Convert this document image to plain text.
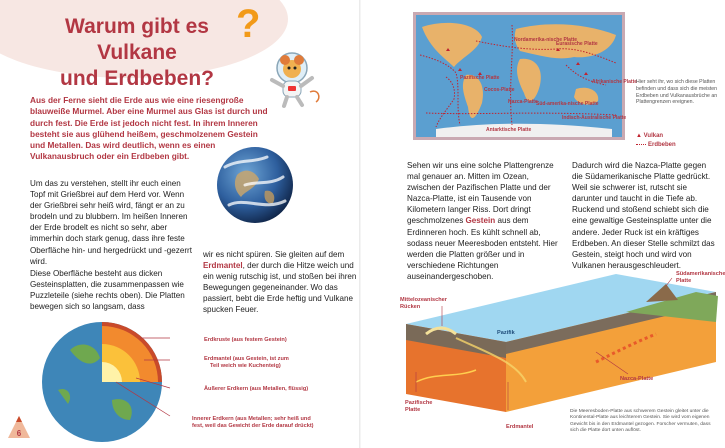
Warum gibt es Vulkane
und Erdbeben?
?

Aus der Ferne sieht die Erde aus wie eine riesengroße blauweiße Murmel. Aber eine Murmel aus Glas ist durch und durch fest. Die Erde ist jedoch nicht fest. In ihrem Inneren besteht sie aus glühend heißem, geschmolzenem Gestein und Metallen. Das wird deutlich, wenn es einen Vulkanausbruch oder ein Erdbeben gibt.

Um das zu verstehen, stellt ihr euch einen Topf mit Grießbrei auf dem Herd vor. Wenn der Grießbrei sehr heiß wird, fängt er an zu brodeln und zu blubbern. Im heißen Inneren der Erde brodelt es nicht so sehr, aber immerhin doch stark genug, dass ihre feste Oberfläche hin- und hergedrückt und -gezerrt wird.

Diese Oberfläche besteht aus dicken Gesteinsplatten, die zusammenpassen wie Puzzleteile (siehe rechts oben). Die Platten bewegen sich so langsam, dass

wir es nicht spüren. Sie gleiten auf dem Erdmantel, der durch die Hitze weich und ein wenig rutschig ist, und stoßen bei ihren Bewegungen gegeneinander. Wo das passiert, bebt die Erde heftig und Vulkane spucken Feuer.

Erdkruste (aus festem Gestein)
Erdmantel (aus Gestein, ist zum
Teil weich wie Kuchenteig)
Äußerer Erdkern (aus Metallen, flüssig)
Innerer Erdkern (aus Metallen; sehr heiß und
fest, weil das Gewicht der Erde darauf drückt)
6
Nordamerika-nische Platte
Eurasische Platte
Pazifische Platte
Cocos-Platte
Nazca-Platte
Süd-amerika-nische Platte
Afrikanische Platte
Indisch-Australische Platte
Antarktische Platte
Hier seht ihr, wo sich diese Platten befinden und dass sich die meisten Erdbeben und Vulkanausbrüche an Plattengrenzen ereignen.
▲ Vulkan
Erdbeben

Sehen wir uns eine solche Plattengrenze mal genauer an. Mitten im Ozean, zwischen der Pazifischen Platte und der Nazca-Platte, ist ein Tausende von Kilometern langer Riss. Dort dringt geschmolzenes Gestein aus dem Erdinneren hoch. Es kühlt schnell ab, sodass neuer Meeresboden entsteht. Hier werden die Platten größer und in verschiedene Richtungen auseinandergeschoben.

Dadurch wird die Nazca-Platte gegen die Südamerikanische Platte gedrückt. Weil sie schwerer ist, rutscht sie darunter und taucht in die Tiefe ab. Ruckend und stoßend schiebt sich die eine gewaltige Gesteinsplatte unter die andere. Jeder Ruck ist ein kräftiges Erdbeben. An dieser Stelle schmilzt das Gestein, steigt hoch und wird von Vulkanen herausgeschleudert.

Mittelozeanischer
Rücken
Südamerikanische
Platte
Pazifik
Pazifische
Platte
Nazca-Platte
Erdmantel
Die Meeresboden-Platte aus schwerem Gestein gleitet unter die Kontinental-Platte aus leichterem Gestein. Sie wird vom eigenen Gewicht bis in den Erdmantel gezogen. Forscher vermuten, dass sich die Platte dort unten auflöst.
